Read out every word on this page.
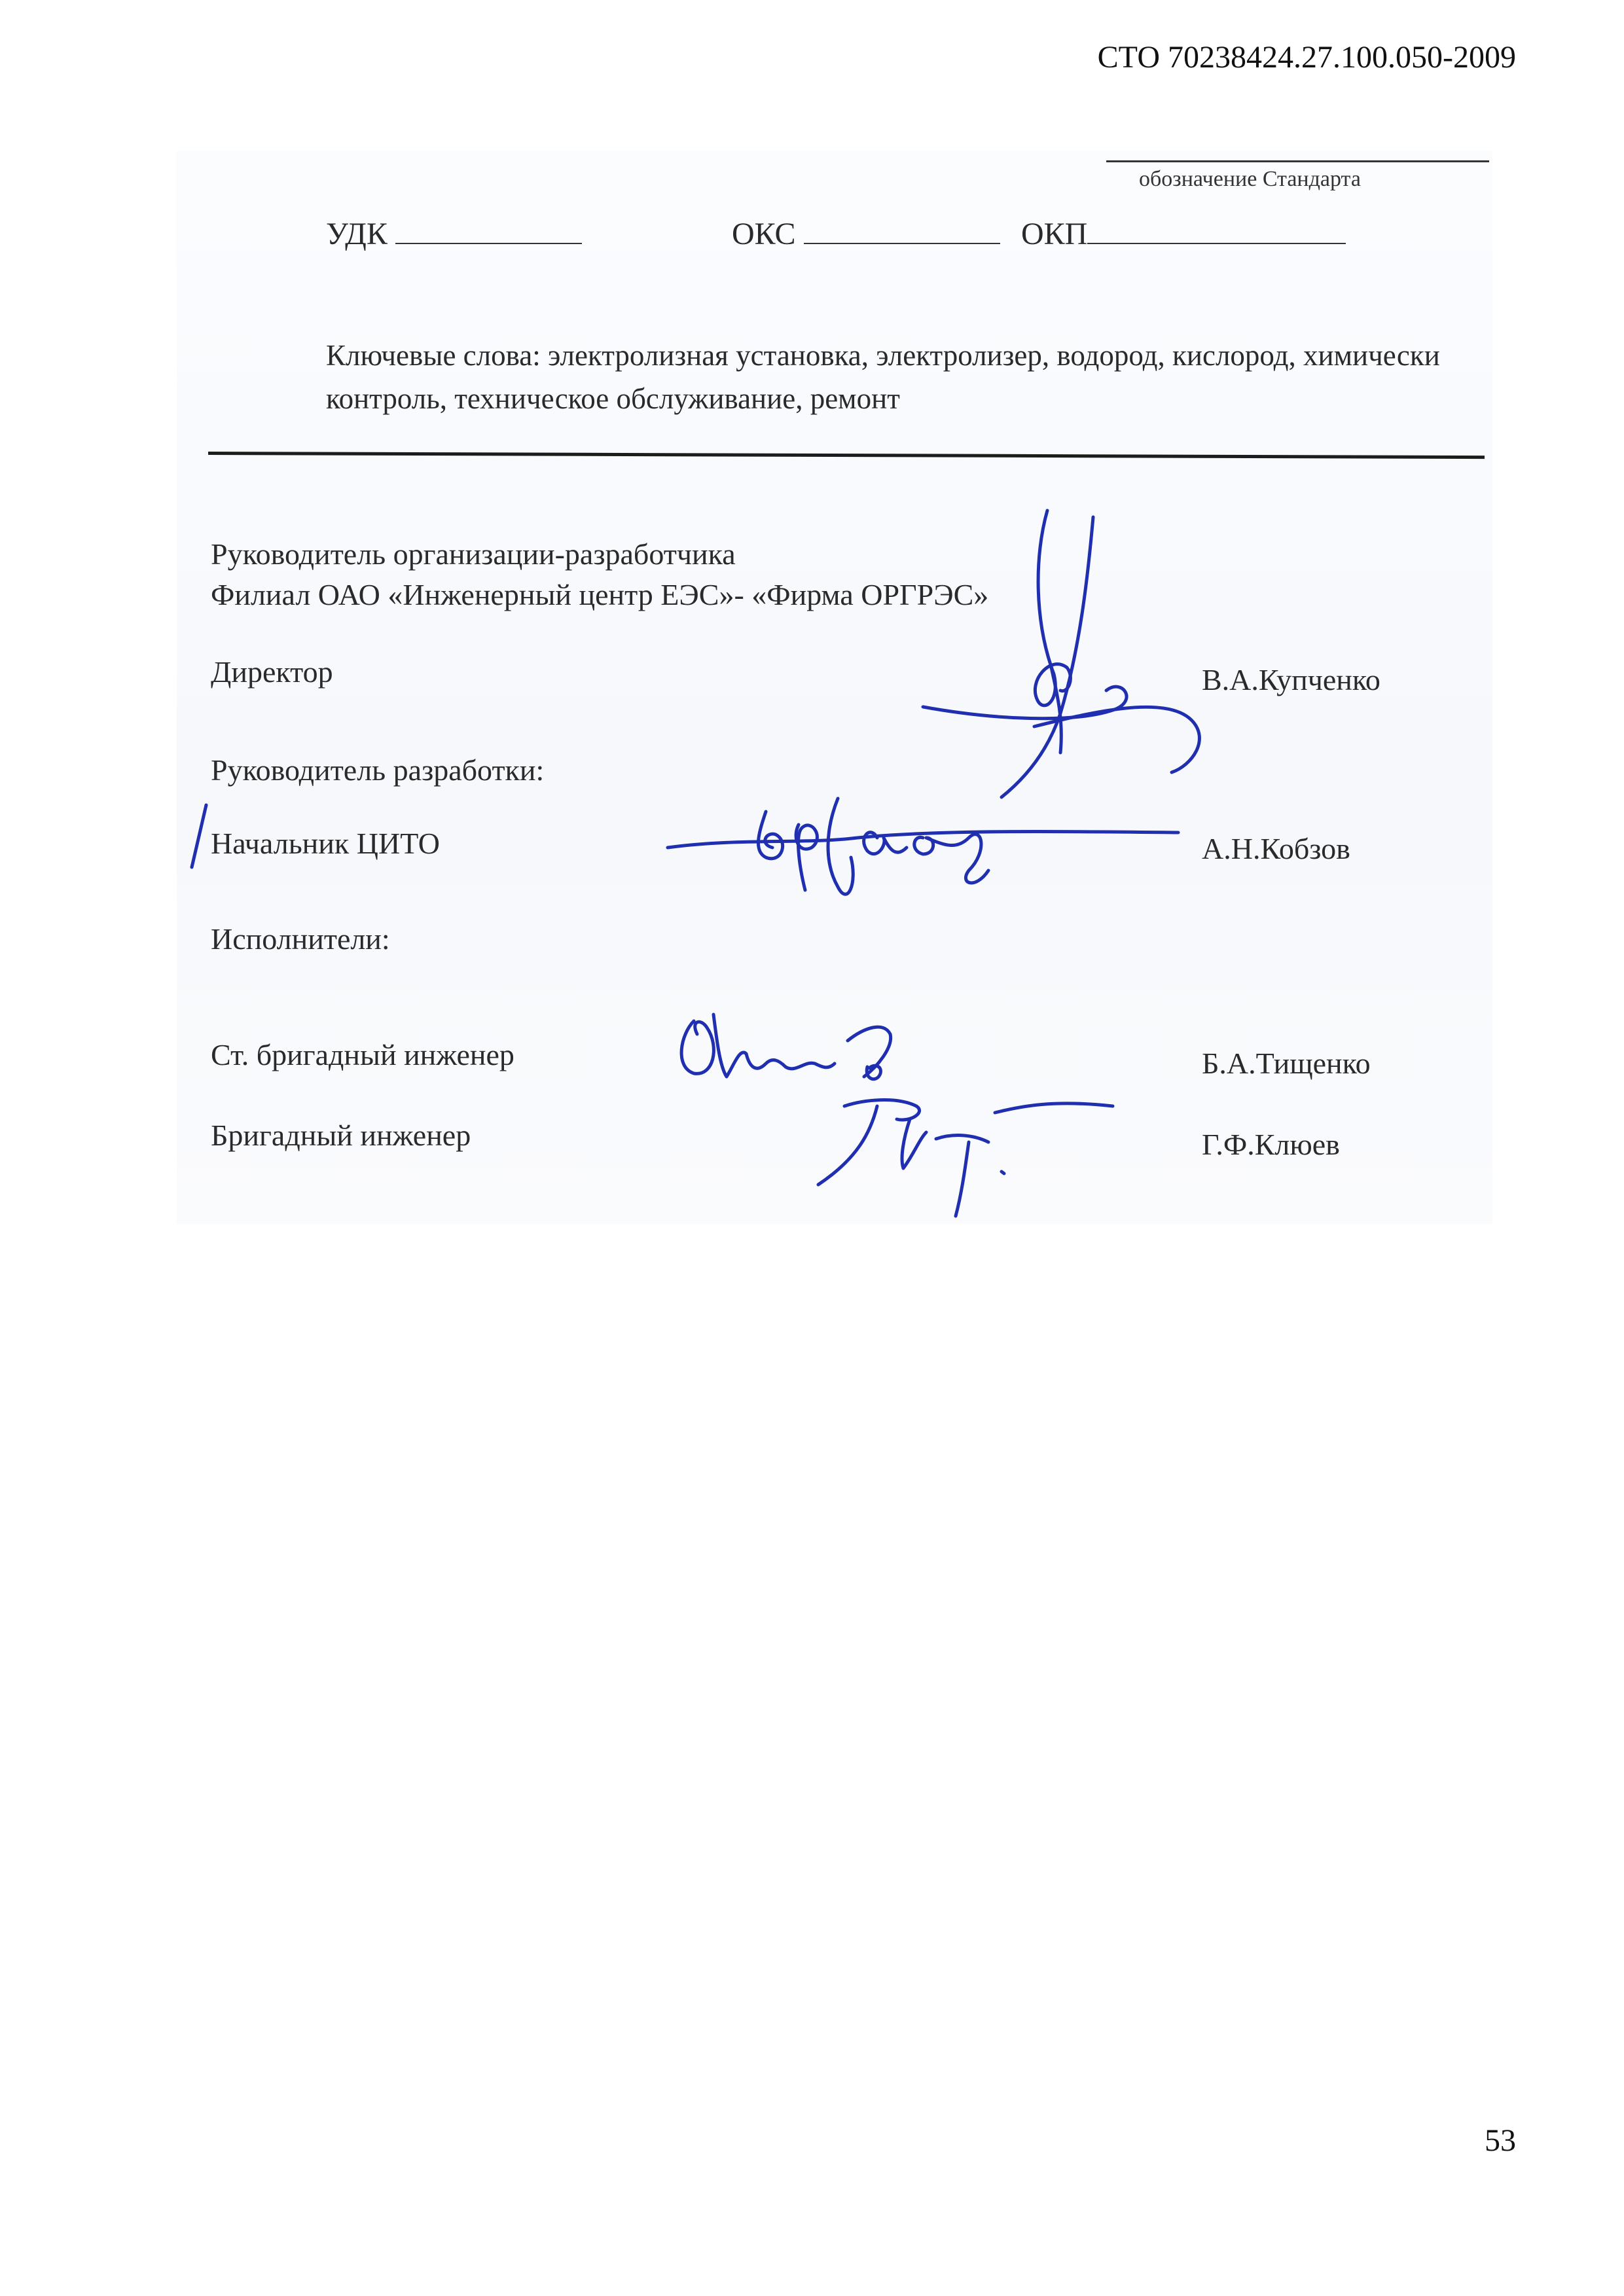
СТО 70238424.27.100.050-2009
обозначение Стандарта
УДК	ОКС	ОКП
Ключевые слова: электролизная установка, электролизер, водород, кислород, химически
контроль, техническое обслуживание, ремонт
Руководитель организации-разработчика
Филиал ОАО «Инженерный центр ЕЭС»- «Фирма ОРГРЭС»
Директор	В.А.Купченко
Руководитель разработки:
Начальник ЦИТО	А.Н.Кобзов
Исполнители:
Ст. бригадный инженер	Б.А.Тищенко
Бригадный инженер	Г.Ф.Клюев
53
